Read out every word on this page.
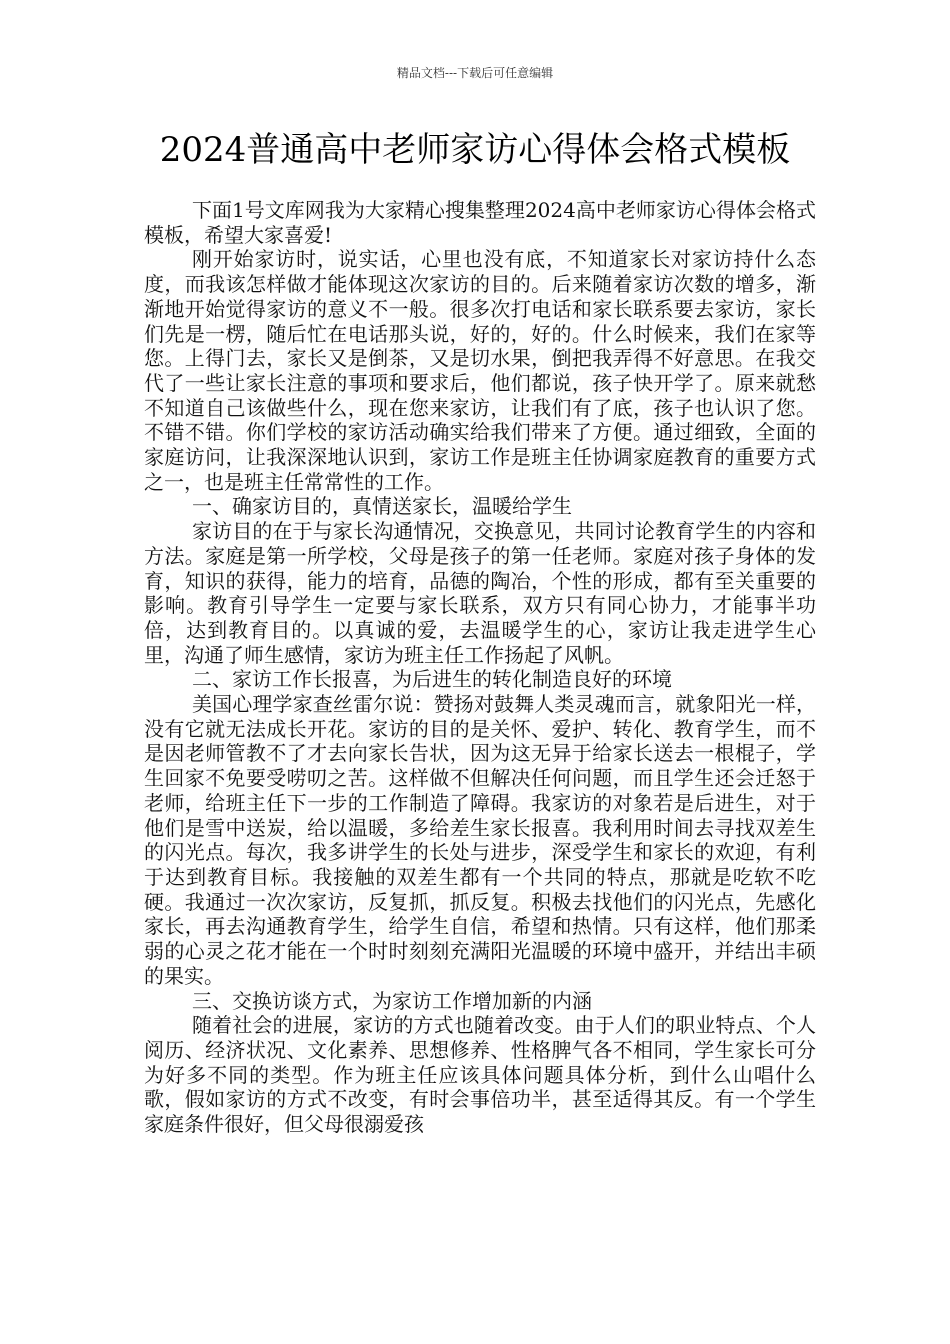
精品文档---下载后可任意编辑
2024普通高中老师家访心得体会格式模板

下面1号文库网我为大家精心搜集整理2024高中老师家访心得体会格式模板，希望大家喜爱!

刚开始家访时，说实话，心里也没有底，不知道家长对家访持什么态度，而我该怎样做才能体现这次家访的目的。后来随着家访次数的增多，渐渐地开始觉得家访的意义不一般。很多次打电话和家长联系要去家访，家长们先是一楞，随后忙在电话那头说，好的，好的。什么时候来，我们在家等您。上得门去，家长又是倒茶，又是切水果，倒把我弄得不好意思。在我交代了一些让家长注意的事项和要求后，他们都说，孩子快开学了。原来就愁不知道自己该做些什么，现在您来家访，让我们有了底，孩子也认识了您。不错不错。你们学校的家访活动确实给我们带来了方便。通过细致，全面的家庭访问，让我深深地认识到，家访工作是班主任协调家庭教育的重要方式之一，也是班主任常常性的工作。

一、确家访目的，真情送家长，温暖给学生

家访目的在于与家长沟通情况，交换意见，共同讨论教育学生的内容和方法。家庭是第一所学校，父母是孩子的第一任老师。家庭对孩子身体的发育，知识的获得，能力的培育，品德的陶冶，个性的形成，都有至关重要的影响。教育引导学生一定要与家长联系，双方只有同心协力，才能事半功倍，达到教育目的。以真诚的爱，去温暖学生的心，家访让我走进学生心里，沟通了师生感情，家访为班主任工作扬起了风帆。

二、家访工作长报喜，为后进生的转化制造良好的环境

美国心理学家查丝雷尔说：赞扬对鼓舞人类灵魂而言，就象阳光一样，没有它就无法成长开花。家访的目的是关怀、爱护、转化、教育学生，而不是因老师管教不了才去向家长告状，因为这无异于给家长送去一根棍子，学生回家不免要受唠叨之苦。这样做不但解决任何问题，而且学生还会迁怒于老师，给班主任下一步的工作制造了障碍。我家访的对象若是后进生，对于他们是雪中送炭，给以温暖，多给差生家长报喜。我利用时间去寻找双差生的闪光点。每次，我多讲学生的长处与进步，深受学生和家长的欢迎，有利于达到教育目标。我接触的双差生都有一个共同的特点，那就是吃软不吃硬。我通过一次次家访，反复抓，抓反复。积极去找他们的闪光点，先感化家长，再去沟通教育学生，给学生自信，希望和热情。只有这样，他们那柔弱的心灵之花才能在一个时时刻刻充满阳光温暖的环境中盛开，并结出丰硕的果实。

三、交换访谈方式，为家访工作增加新的内涵

随着社会的进展，家访的方式也随着改变。由于人们的职业特点、个人阅历、经济状况、文化素养、思想修养、性格脾气各不相同，学生家长可分为好多不同的类型。作为班主任应该具体问题具体分析，到什么山唱什么歌，假如家访的方式不改变，有时会事倍功半，甚至适得其反。有一个学生家庭条件很好，但父母很溺爱孩
